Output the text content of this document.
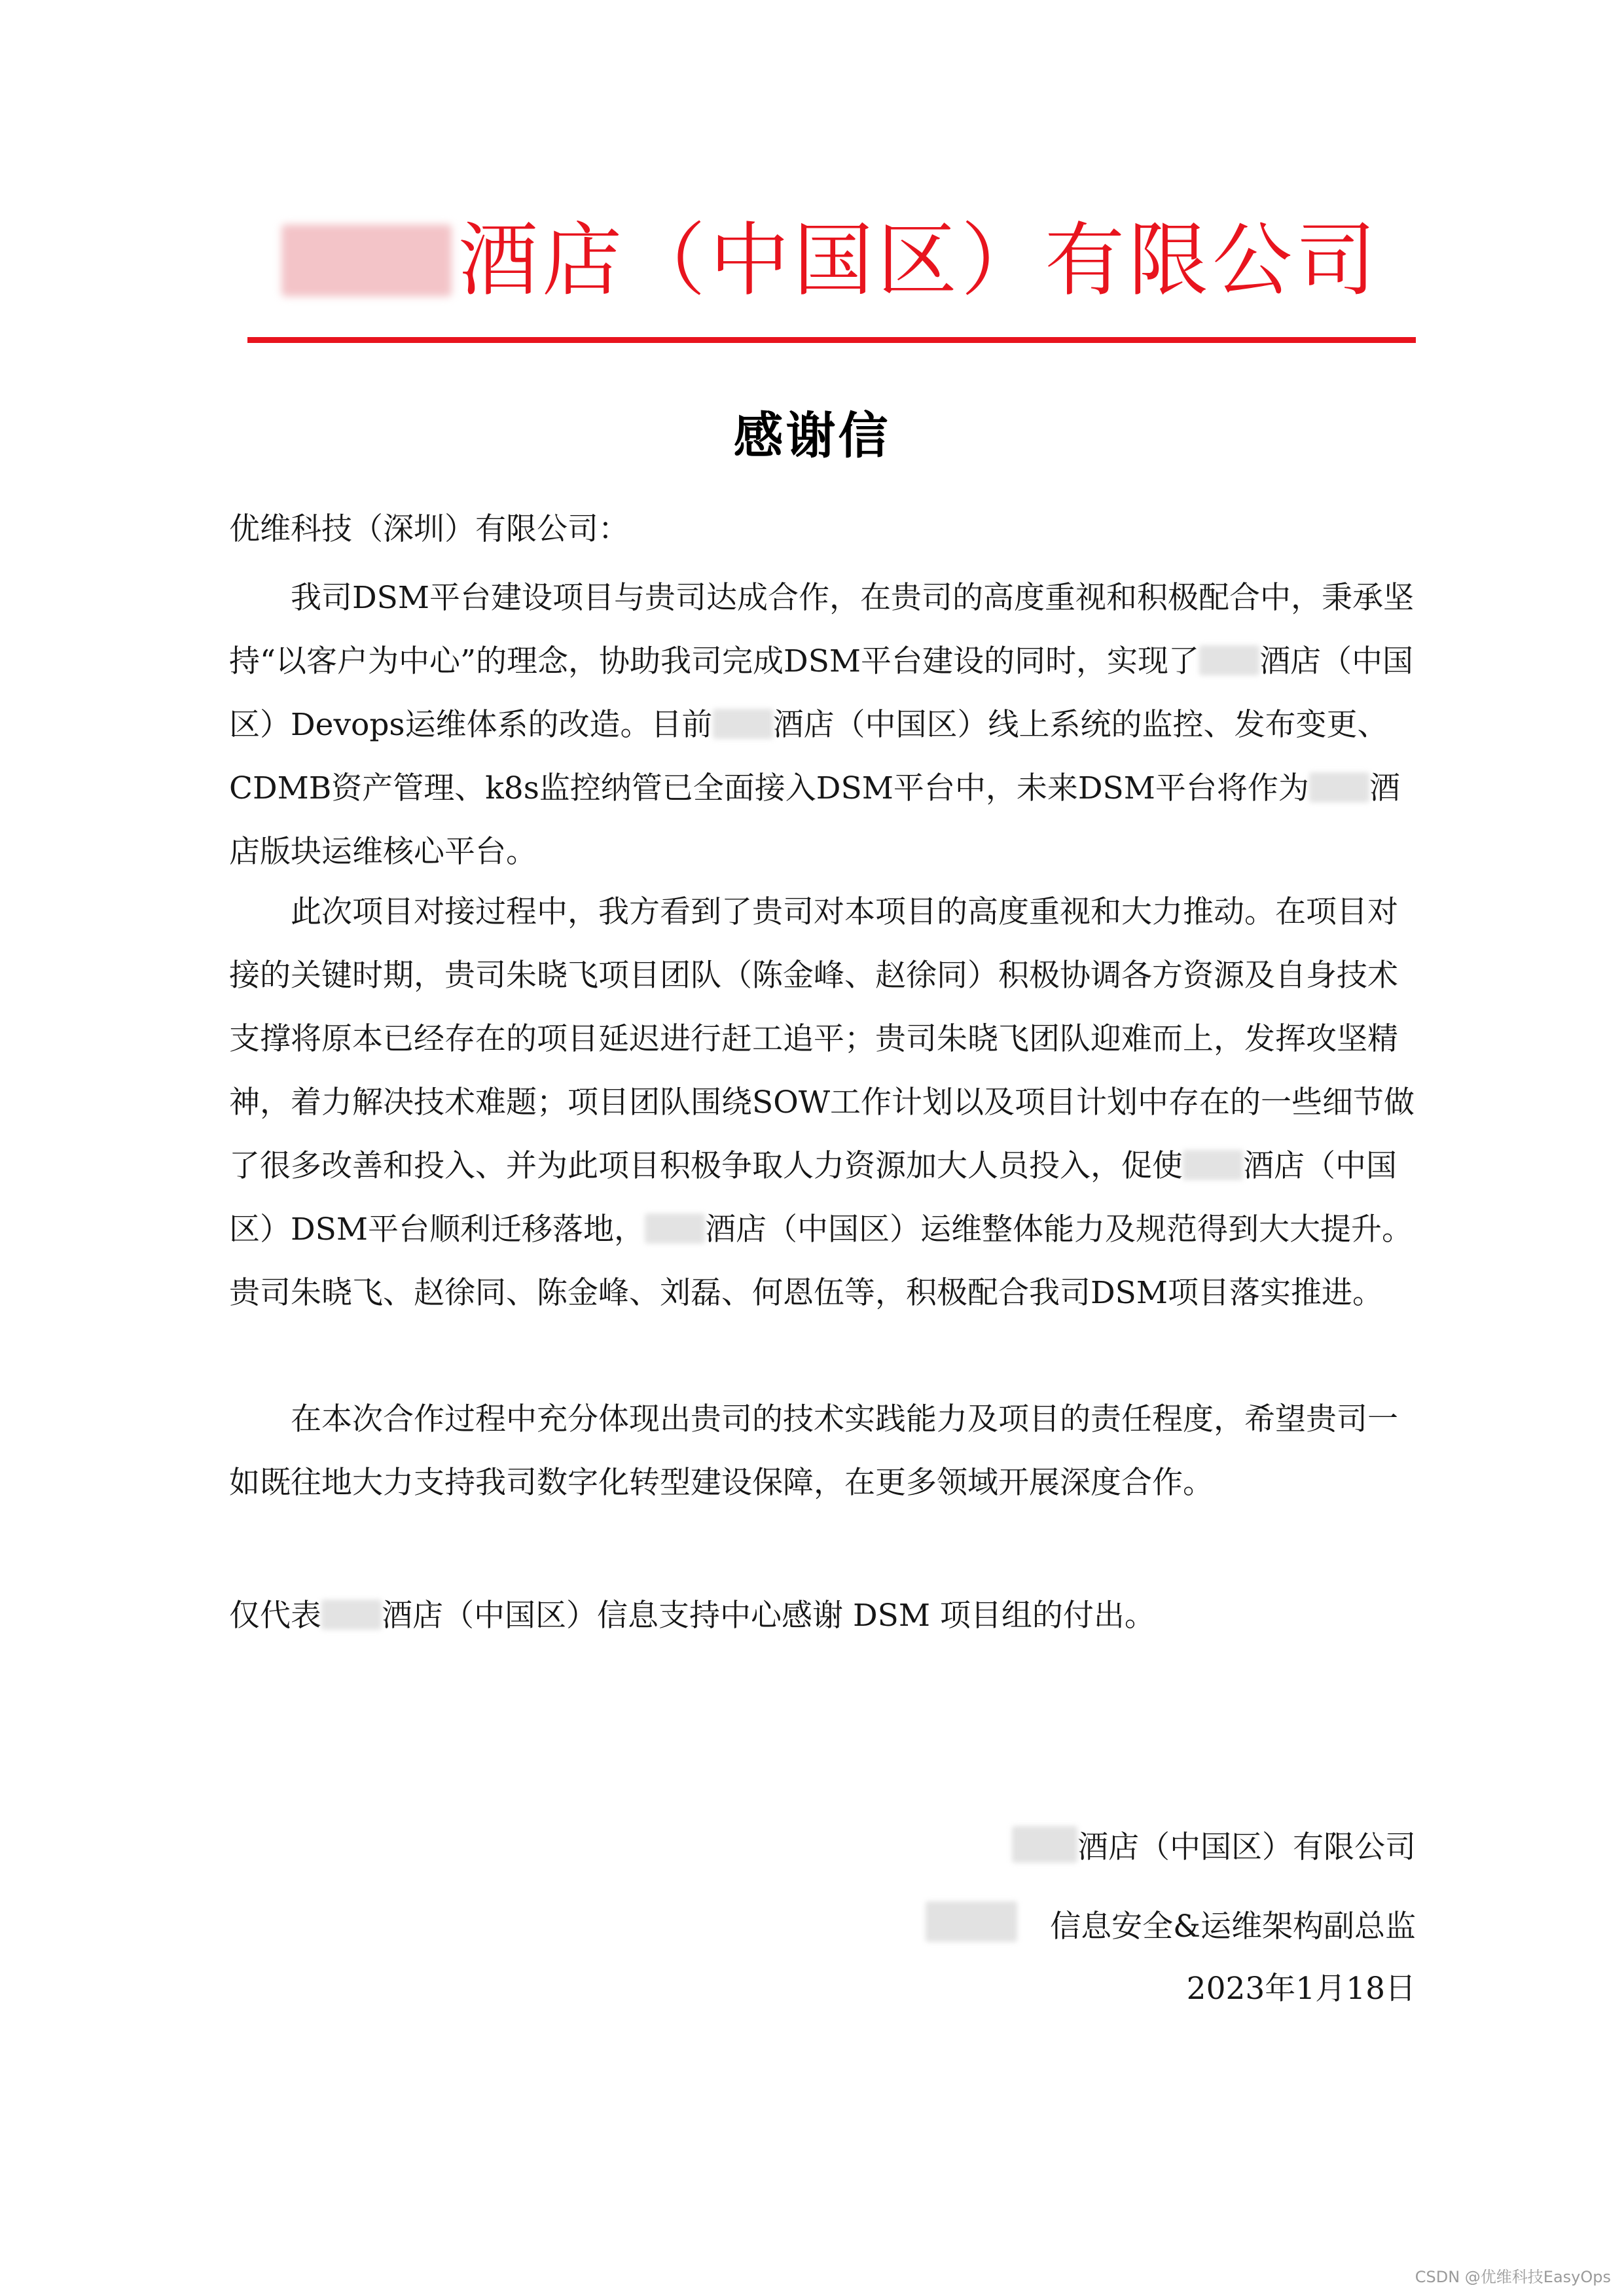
酒店（中国区）有限公司
感谢信
优维科技（深圳）有限公司：

我司DSM平台建设项目与贵司达成合作，在贵司的高度重视和积极配合中，秉承坚持“以客户为中心”的理念，协助我司完成DSM平台建设的同时，实现了 酒店（中国区）Devops运维体系的改造。目前 酒店（中国区）线上系统的监控、发布变更、CDMB资产管理、k8s监控纳管已全面接入DSM平台中，未来DSM平台将作为 酒店版块运维核心平台。

此次项目对接过程中，我方看到了贵司对本项目的高度重视和大力推动。在项目对接的关键时期，贵司朱晓飞项目团队（陈金峰、赵徐同）积极协调各方资源及自身技术支撑将原本已经存在的项目延迟进行赶工追平；贵司朱晓飞团队迎难而上，发挥攻坚精神，着力解决技术难题；项目团队围绕SOW工作计划以及项目计划中存在的一些细节做了很多改善和投入、并为此项目积极争取人力资源加大人员投入，促使 酒店（中国区）DSM平台顺利迁移落地， 酒店（中国区）运维整体能力及规范得到大大提升。贵司朱晓飞、赵徐同、陈金峰、刘磊、何恩伍等，积极配合我司DSM项目落实推进。

在本次合作过程中充分体现出贵司的技术实践能力及项目的责任程度，希望贵司一如既往地大力支持我司数字化转型建设保障，在更多领域开展深度合作。

仅代表 酒店（中国区）信息支持中心感谢 DSM 项目组的付出。
酒店（中国区）有限公司
信息安全&运维架构副总监
2023年1月18日
CSDN @优维科技EasyOps
